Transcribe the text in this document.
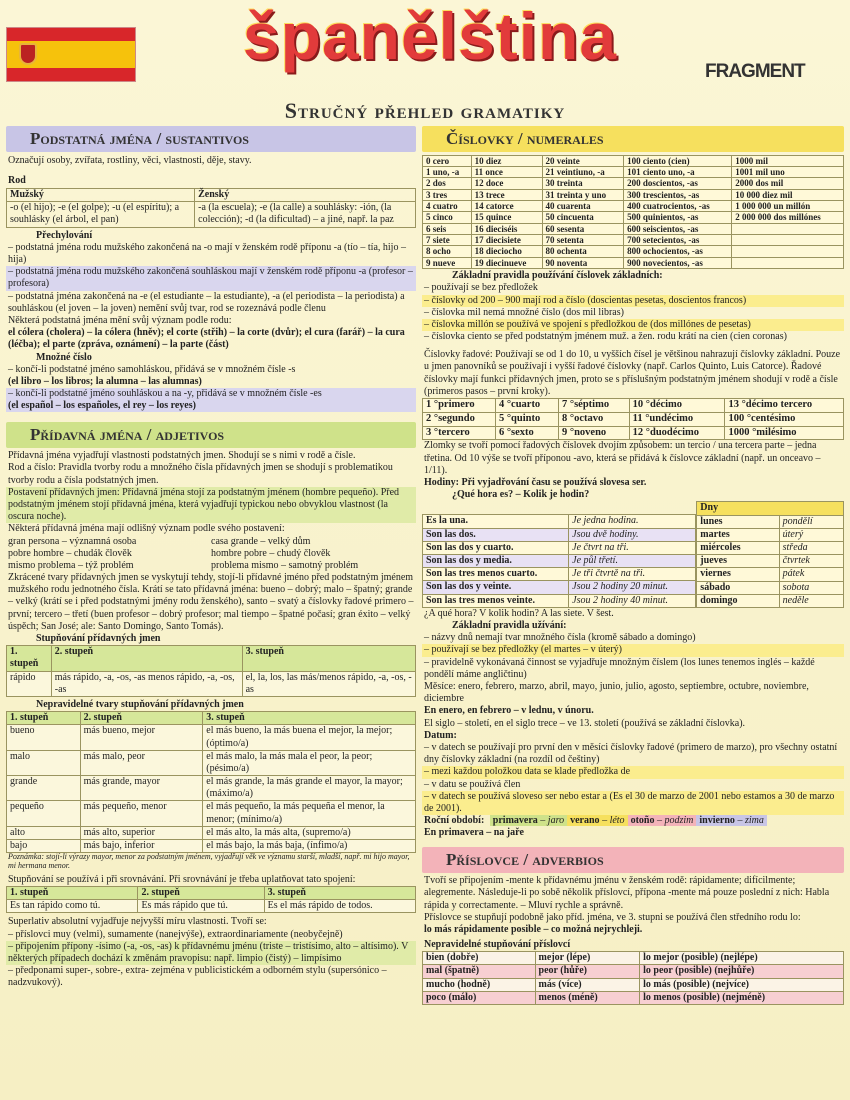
španělština	FRAGMENT
Stručný přehled gramatiky
Podstatná jména / sustantivos
Označují osoby, zvířata, rostliny, věci, vlastnosti, děje, stavy.
Rod
Mužský	Ženský
-o (el hijo); -e (el golpe); -u (el espíritu); a souhlásky (el árbol, el pan)	-a (la escuela); -e (la calle) a souhlásky: -ión, (la colección); -d (la dificultad) – a jiné, např. la paz
Přechylování
– podstatná jména rodu mužského zakončená na -o mají v ženském rodě příponu -a (tío – tía, hijo – hija)
– podstatná jména rodu mužského zakončená souhláskou mají v ženském rodě příponu -a (profesor – profesora)
– podstatná jména zakončená na -e (el estudiante – la estudiante), -a (el periodista – la periodista) a souhláskou (el joven – la joven) nemění svůj tvar, rod se rozeznává podle členu
Některá podstatná jména mění svůj význam podle rodu:
el cólera (cholera) – la cólera (hněv); el corte (střih) – la corte (dvůr); el cura (farář) – la cura (léčba); el parte (zpráva, oznámení) – la parte (část)
Množné číslo
– končí-li podstatné jméno samohláskou, přidává se v množném čísle -s
(el libro – los libros; la alumna – las alumnas)
– končí-li podstatné jméno souhláskou a na -y, přidává se v množném čísle -es
(el español – los españoles, el rey – los reyes)
Přídavná jména / adjetivos
Přídavná jména vyjadřují vlastnosti podstatných jmen. Shodují se s nimi v rodě a čísle.
Rod a číslo: Pravidla tvorby rodu a množného čísla přídavných jmen se shodují s problematikou tvorby rodu a čísla podstatných jmen.
Postavení přídavných jmen: Přídavná jména stojí za podstatným jménem (hombre pequeño). Před podstatným jménem stojí přídavná jména, která vyjadřují typickou nebo obvyklou vlastnost (la oscura noche).
Některá přídavná jména mají odlišný význam podle svého postavení:
gran persona – významná osoba	casa grande – velký dům
pobre hombre – chudák člověk	hombre pobre – chudý člověk
mismo problema – týž problém	problema mismo – samotný problém
Zkrácené tvary přídavných jmen se vyskytují tehdy, stojí-li přídavné jméno před podstatným jménem mužského rodu jednotného čísla. Krátí se tato přídavná jména: bueno – dobrý; malo – špatný; grande – velký (krátí se i před podstatnými jmény rodu ženského), santo – svatý a číslovky řadové primero – první; tercero – třetí (buen profesor – dobrý profesor; mal tiempo – špatné počasí; gran éxito – velký úspěch; San José; ale: Santo Domingo, Santo Tomás).
Stupňování přídavných jmen
1. stupeň	2. stupeň	3. stupeň
rápido	más rápido, -a, -os, -as menos rápido, -a, -os, -as	el, la, los, las más/menos rápido, -a, -os, -as
Nepravidelné tvary stupňování přídavných jmen
1. stupeň	2. stupeň	3. stupeň
bueno	más bueno, mejor	el más bueno, la más buena el mejor, la mejor; (óptimo/a)
malo	más malo, peor	el más malo, la más mala el peor, la peor; (pésimo/a)
grande	más grande, mayor	el más grande, la más grande el mayor, la mayor; (máximo/a)
pequeño	más pequeño, menor	el más pequeño, la más pequeña el menor, la menor; (mínimo/a)
alto	más alto, superior	el más alto, la más alta, (supremo/a)
bajo	más bajo, inferior	el más bajo, la más baja, (ínfimo/a)
Poznámka: stojí-li výrazy mayor, menor za podstatným jménem, vyjadřují věk ve významu starší, mladší, např. mi hijo mayor, mi hermana menor.
Stupňování se používá i při srovnávání. Při srovnávání je třeba uplatňovat tato spojení:
1. stupeň	2. stupeň	3. stupeň
Es tan rápido como tú.	Es más rápido que tú.	Es el más rápido de todos.
Superlativ absolutní vyjadřuje nejvyšší míru vlastnosti. Tvoří se:
– příslovci muy (velmi), sumamente (nanejvýše), extraordinariamente (neobyčejně)
– připojením přípony -ísimo (-a, -os, -as) k přídavnému jménu (triste – tristísimo, alto – altísimo). V některých případech dochází k změnám pravopisu: např. limpio (čistý) – limpísimo
– předponami super-, sobre-, extra- zejména v publicistickém a odborném stylu (supersónico – nadzvukový).
Číslovky / numerales
0 cero	10 diez	20 veinte	100 ciento (cien)	1000 mil
1 uno, -a	11 once	21 veintiuno, -a	101 ciento uno, -a	1001 mil uno
2 dos	12 doce	30 treinta	200 doscientos, -as	2000 dos mil
3 tres	13 trece	31 treinta y uno	300 trescientos, -as	10 000 diez mil
4 cuatro	14 catorce	40 cuarenta	400 cuatrocientos, -as	1 000 000 un millón
5 cinco	15 quince	50 cincuenta	500 quinientos, -as	2 000 000 dos millónes
6 seis	16 dieciséis	60 sesenta	600 seiscientos, -as	
7 siete	17 diecisiete	70 setenta	700 setecientos, -as	
8 ocho	18 dieciocho	80 ochenta	800 ochocientos, -as	
9 nueve	19 diecinueve	90 noventa	900 novecientos, -as	
Základní pravidla používání číslovek základních:
– používají se bez předložek
– číslovky od 200 – 900 mají rod a číslo (doscientas pesetas, doscientos francos)
– číslovka mil nemá množné číslo (dos mil libras)
– číslovka millón se používá ve spojení s předložkou de (dos millónes de pesetas)
– číslovka ciento se před podstatným jménem muž. a žen. rodu krátí na cien (cien coronas)
Číslovky řadové: Používají se od 1 do 10, u vyšších čísel je většinou nahrazují číslovky základní. Pouze u jmen panovníků se používají i vyšší řadové číslovky (např. Carlos Quinto, Luis Catorce). Řadové číslovky mají funkci přídavných jmen, proto se s příslušným podstatným jménem shodují v rodě a čísle (primeros pasos – první kroky).
1 °primero	4 °cuarto	7 °séptimo	10 °décimo	13 °décimo tercero
2 °segundo	5 °quinto	8 °octavo	11 °undécimo	100 °centésimo
3 °tercero	6 °sexto	9 °noveno	12 °duodécimo	1000 °milésimo
Zlomky se tvoří pomocí řadových číslovek dvojím způsobem: un tercio / una tercera parte – jedna třetina. Od 10 výše se tvoří příponou -avo, která se přidává k číslovce základní (např. un onceavo – 1/11).
Hodiny: Při vyjadřování času se používá slovesa ser.
¿Qué hora es? – Kolik je hodin?
Es la una.	Je jedna hodina.
Son las dos.	Jsou dvě hodiny.
Son las dos y cuarto.	Je čtvrt na tři.
Son las dos y media.	Je půl třetí.
Son las tres menos cuarto.	Je tři čtvrtě na tři.
Son las dos y veinte.	Jsou 2 hodiny 20 minut.
Son las tres menos veinte.	Jsou 2 hodiny 40 minut.
Dny	
lunes	pondělí
martes	úterý
miércoles	středa
jueves	čtvrtek
viernes	pátek
sábado	sobota
domingo	neděle
¿A qué hora? V kolik hodin? A las siete. V šest.
Základní pravidla užívání:
– názvy dnů nemají tvar množného čísla (kromě sábado a domingo)
– používají se bez předložky (el martes – v úterý)
– pravidelně vykonávaná činnost se vyjadřuje množným číslem (los lunes tenemos inglés – každé pondělí máme angličtinu)
Měsíce: enero, febrero, marzo, abril, mayo, junio, julio, agosto, septiembre, octubre, noviembre, diciembre
En enero, en febrero – v lednu, v únoru.
El siglo – století, en el siglo trece – ve 13. století (používá se základní číslovka).
Datum:
– v datech se používají pro první den v měsíci číslovky řadové (primero de marzo), pro všechny ostatní dny číslovky základní (na rozdíl od češtiny)
– mezi každou položkou data se klade předložka de
– v datu se používá člen
– v datech se používá sloveso ser nebo estar a (Es el 30 de marzo de 2001 nebo estamos a 30 de marzo de 2001).
Roční období: primavera – jaro verano – léto otoño – podzim invierno – zima
En primavera – na jaře
Příslovce / adverbios
Tvoří se připojením -mente k přídavnému jménu v ženském rodě: rápidamente; difícilmente; alegremente. Následuje-li po sobě několik příslovcí, přípona -mente má pouze poslední z nich: Habla rápida y correctamente. – Mluví rychle a správně.
Příslovce se stupňují podobně jako příd. jména, ve 3. stupni se používá člen středního rodu lo:
lo más rápidamente posible – co možná nejrychleji.
Nepravidelné stupňování příslovcí
bien (dobře)	mejor (lépe)	lo mejor (posible) (nejlépe)
mal (špatně)	peor (hůře)	lo peor (posible) (nejhůře)
mucho (hodně)	más (více)	lo más (posible) (nejvíce)
poco (málo)	menos (méně)	lo menos (posible) (nejméně)
